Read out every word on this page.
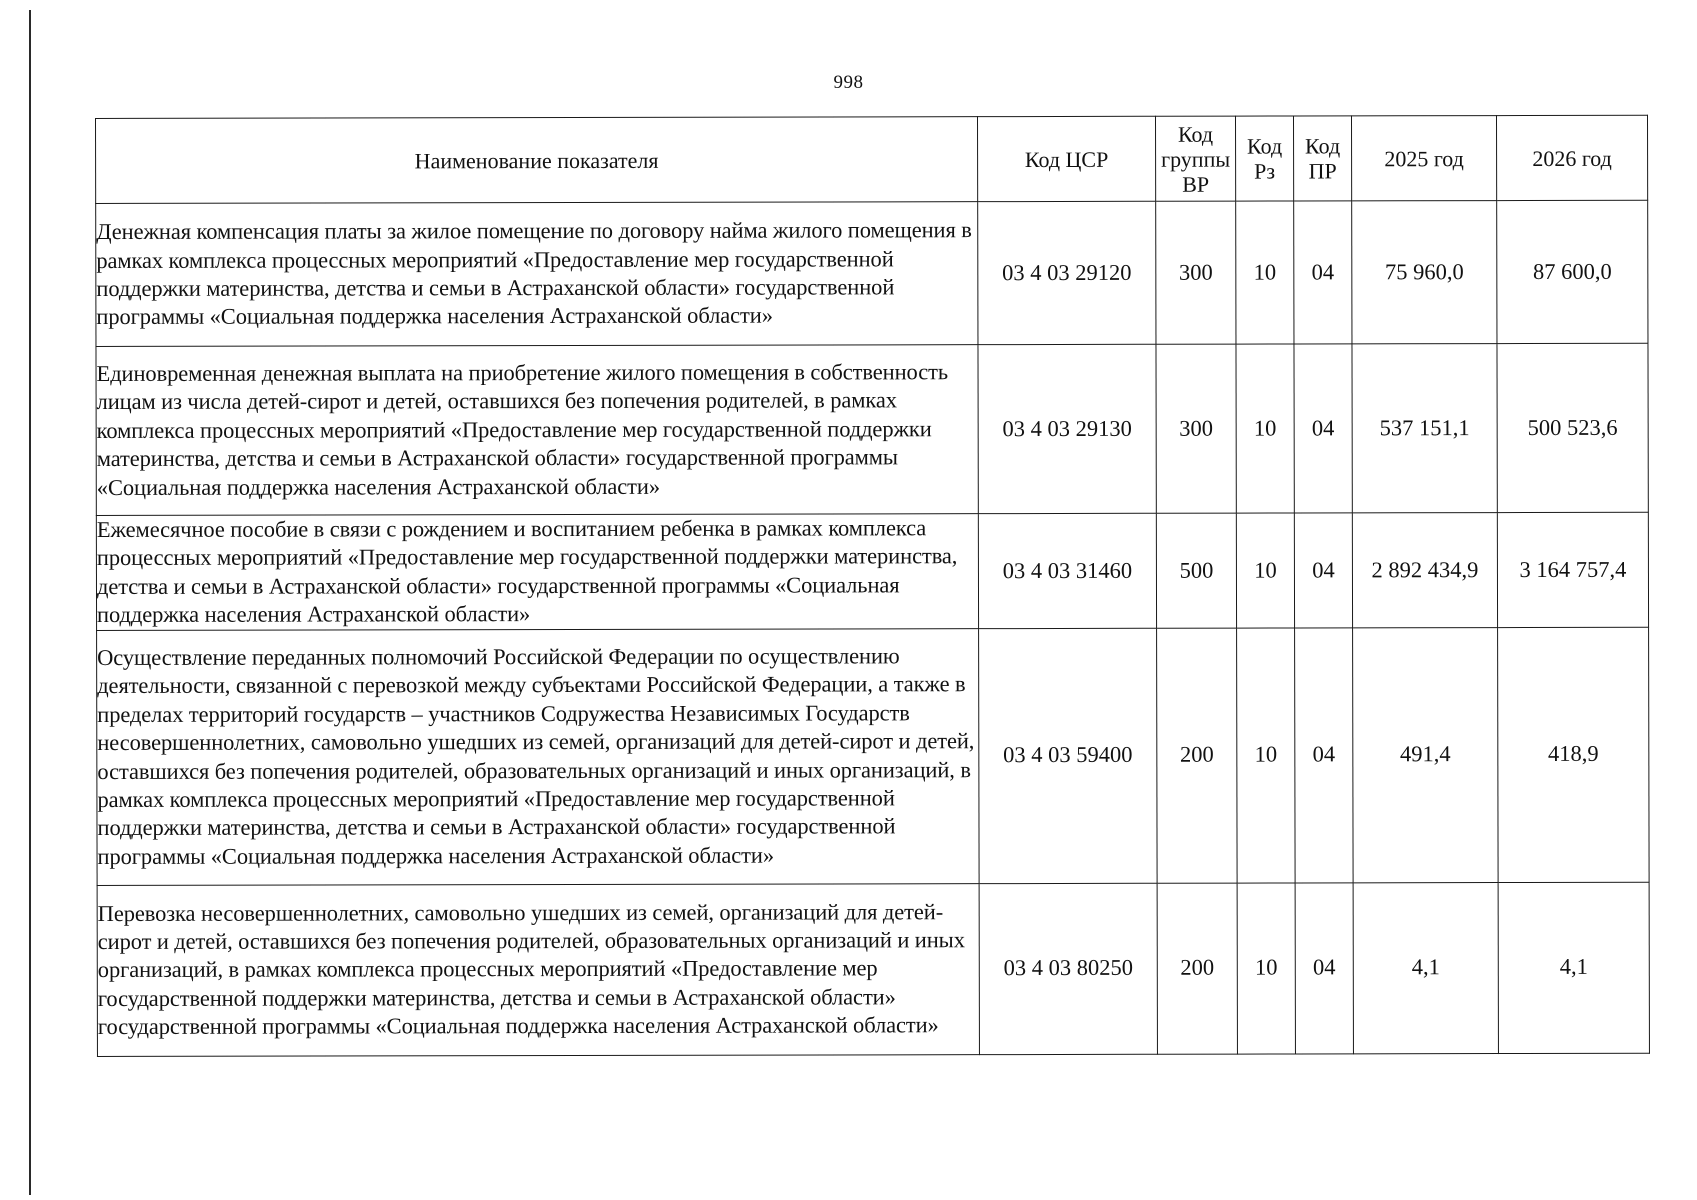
998
Наименование показателя	Код ЦСР	Код группы ВР	Код Рз	Код ПР	2025 год	2026 год
Денежная компенсация платы за жилое помещение по договору найма жилого помещения в рамках комплекса процессных мероприятий «Предоставление мер государственной поддержки материнства, детства и семьи в Астраханской области» государственной программы «Социальная поддержка населения Астраханской области»	03 4 03 29120	300	10	04	75 960,0	87 600,0
Единовременная денежная выплата на приобретение жилого помещения в собственность лицам из числа детей-сирот и детей, оставшихся без попечения родителей, в рамках комплекса процессных мероприятий «Предоставление мер государственной поддержки материнства, детства и семьи в Астраханской области» государственной программы «Социальная поддержка населения Астраханской области»	03 4 03 29130	300	10	04	537 151,1	500 523,6
Ежемесячное пособие в связи с рождением и воспитанием ребенка в рамках комплекса процессных мероприятий «Предоставление мер государственной поддержки материнства, детства и семьи в Астраханской области» государственной программы «Социальная поддержка населения Астраханской области»	03 4 03 31460	500	10	04	2 892 434,9	3 164 757,4
Осуществление переданных полномочий Российской Федерации по осуществлению деятельности, связанной с перевозкой между субъектами Российской Федерации, а также в пределах территорий государств – участников Содружества Независимых Государств несовершеннолетних, самовольно ушедших из семей, организаций для детей-сирот и детей, оставшихся без попечения родителей, образовательных организаций и иных организаций, в рамках комплекса процессных мероприятий «Предоставление мер государственной поддержки материнства, детства и семьи в Астраханской области» государственной программы «Социальная поддержка населения Астраханской области»	03 4 03 59400	200	10	04	491,4	418,9
Перевозка несовершеннолетних, самовольно ушедших из семей, организаций для детей-сирот и детей, оставшихся без попечения родителей, образовательных организаций и иных организаций, в рамках комплекса процессных мероприятий «Предоставление мер государственной поддержки материнства, детства и семьи в Астраханской области» государственной программы «Социальная поддержка населения Астраханской области»	03 4 03 80250	200	10	04	4,1	4,1
